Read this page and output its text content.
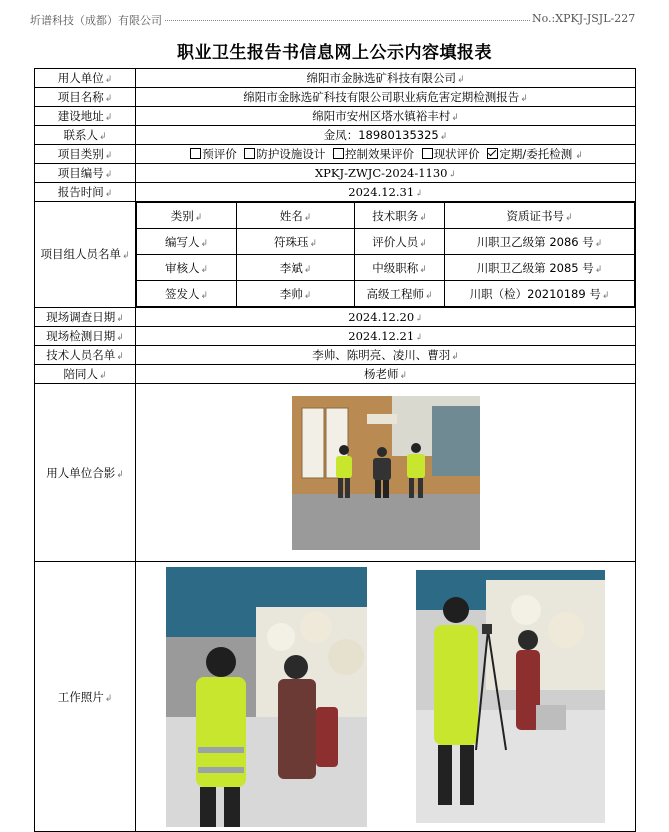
圻谱科技（成都）有限公司	No.:XPKJ-JSJL-227
职业卫生报告书信息网上公示内容填报表
用人单位↲	绵阳市金脉选矿科技有限公司↲
项目名称↲	绵阳市金脉选矿科技有限公司职业病危害定期检测报告↲
建设地址↲	绵阳市安州区塔水镇裕丰村↲
联系人↲	金凤：18980135325↲
项目类别↲	预评价 防护设施设计 控制效果评价 现状评价 定期/委托检测 ↲
项目编号↲	XPKJ-ZWJC-2024-1130↲
报告时间↲	2024.12.31↲
项目组人员名单↲	
类别↲	姓名↲	技术职务↲	资质证书号↲
编写人↲	符珠珏↲	评价人员↲	川职卫乙级第 2086 号↲
审核人↲	李斌↲	中级职称↲	川职卫乙级第 2085 号↲
签发人↲	李帅↲	高级工程师↲	川职（检）20210189 号↲

现场调查日期↲	2024.12.20↲
现场检测日期↲	2024.12.21↲
技术人员名单↲	李帅、陈明亮、凌川、曹羽↲
陪同人↲	杨老师↲
用人单位合影↲	

工作照片↲	
